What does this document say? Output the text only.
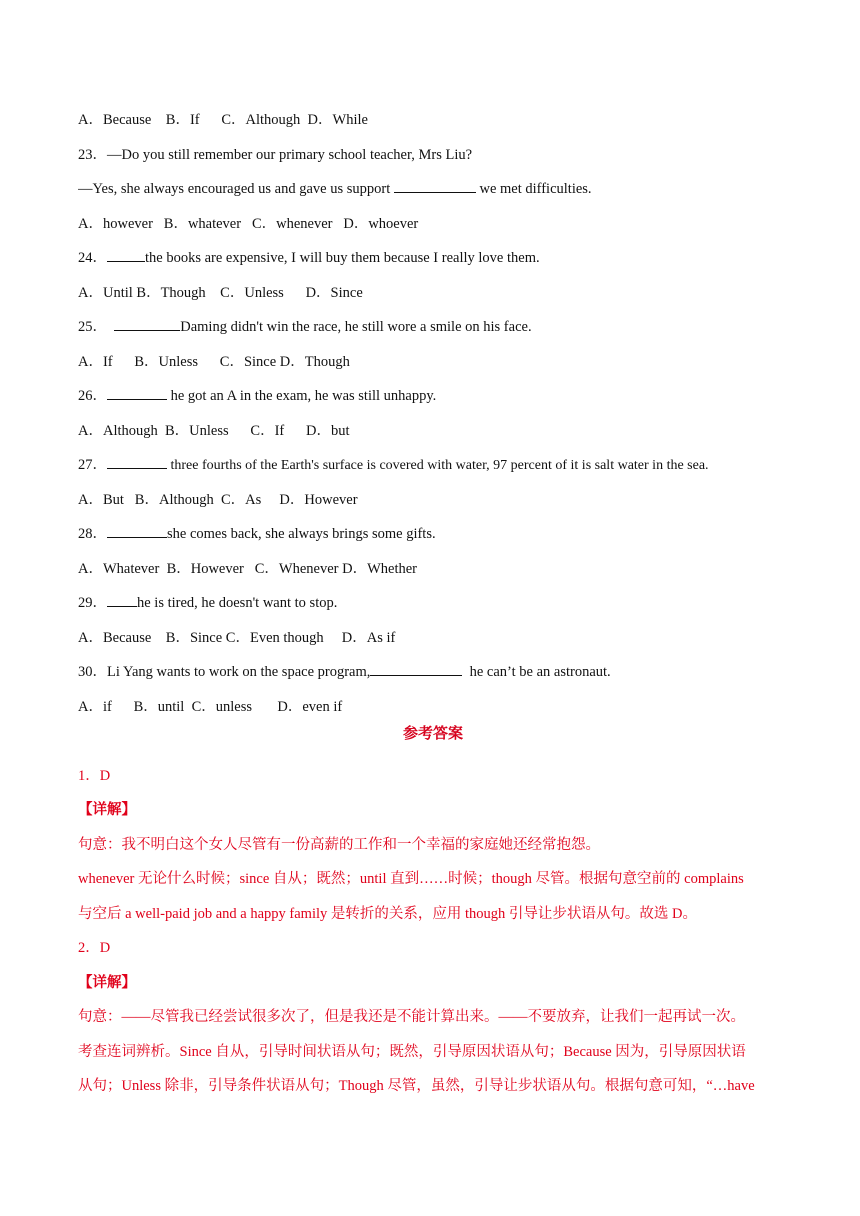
A．Because　B．If　  C．Although  D．While
23．—Do you still remember our primary school teacher, Mrs Liu?
—Yes, she always encouraged us and gave us support	we met difficulties.
A．however   B．whatever   C．whenever   D．whoever
24．	the books are expensive, I will buy them because I really love them.
A．Until B．Though    C．Unless      D．Since
25．	Daming didn't win the race, he still wore a smile on his face.
A．If      B．Unless      C．Since D．Though
26．	he got an A in the exam, he was still unhappy.
A．Although  B．Unless      C．If      D．but
27．	three fourths of the Earth's surface is covered with water, 97 percent of it is salt water in the sea.
A．But   B．Although  C．As     D．However
28．	she comes back, she always brings some gifts.
A．Whatever  B．However   C．Whenever D．Whether
29． he is tired, he doesn't want to stop.
A．Because    B．Since C．Even though     D．As if
30．Li Yang wants to work on the space program,	he can’t be an astronaut.
A．if      B．until  C．unless       D．even if
参考答案
1．D
【详解】
句意：我不明白这个女人尽管有一份高薪的工作和一个幸福的家庭她还经常抱怨。
whenever 无论什么时候；since 自从；既然；until 直到……时候；though 尽管。根据句意空前的 complains
与空后 a well-paid job and a happy family 是转折的关系，应用 though 引导让步状语从句。故选 D。
2．D
【详解】
句意：——尽管我已经尝试很多次了，但是我还是不能计算出来。——不要放弃，让我们一起再试一次。
考查连词辨析。Since 自从，引导时间状语从句；既然，引导原因状语从句；Because 因为，引导原因状语
从句；Unless 除非，引导条件状语从句；Though 尽管，虽然，引导让步状语从句。根据句意可知，“…have
